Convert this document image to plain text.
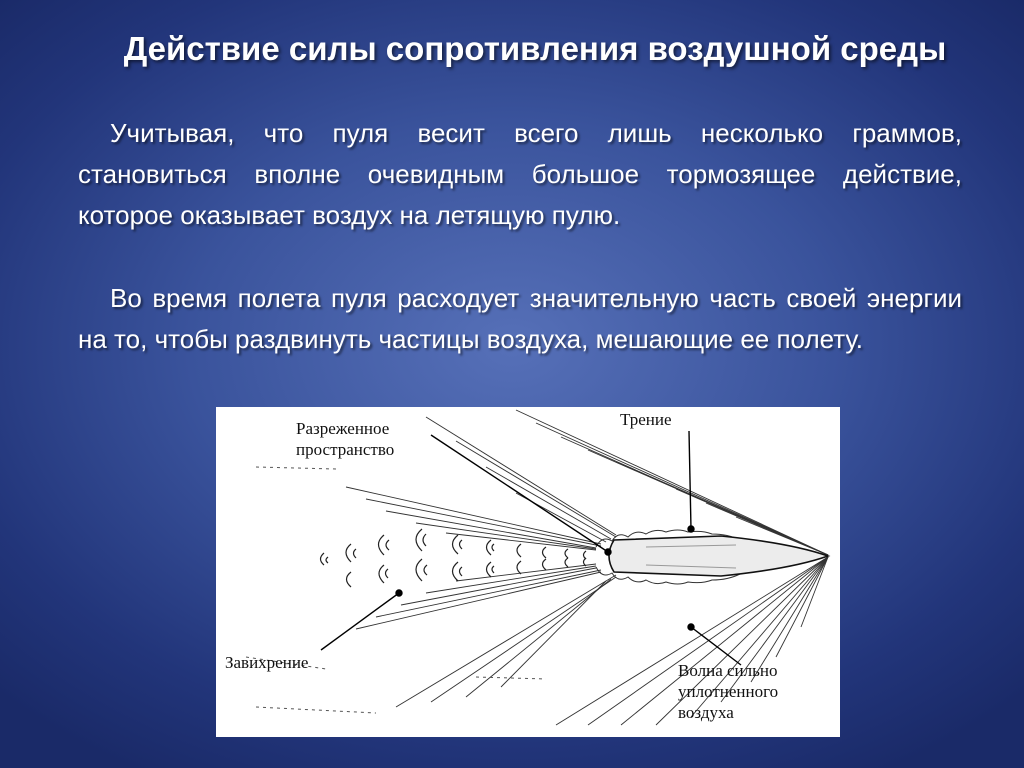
Действие силы сопротивления воздушной среды

Учитывая, что пуля весит всего лишь несколько граммов, становиться вполне очевидным большое тормозящее действие, которое оказывает воздух на летящую пулю.

Во время полета пуля расходует значительную часть своей энергии на то, чтобы раздвинуть частицы воздуха, мешающие ее полету.

Разреженное пространство

Трение

Завихрение	Волна сильно уплотненного воздуха
